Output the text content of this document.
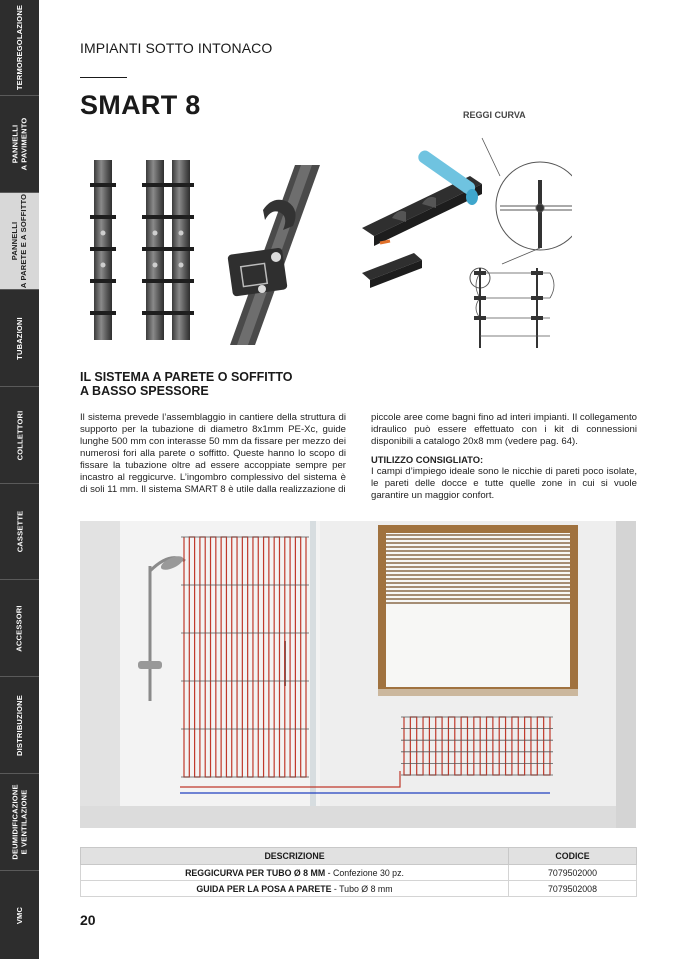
TERMOREGOLAZIONE
PANNELLI A PAVIMENTO
PANNELLI A PARETE E A SOFFITTO
TUBAZIONI
COLLETTORI
CASSETTE
ACCESSORI
DISTRIBUZIONE
DEUMIDIFICAZIONE E VENTILAZIONE
VMC
IMPIANTI SOTTO INTONACO
SMART 8	REGGI CURVA
IL SISTEMA A PARETE O SOFFITTO
A BASSO SPESSORE
Il sistema prevede l’assemblaggio in cantiere della struttura di supporto per la tubazione di diametro 8x1mm PE-Xc, guide lunghe 500 mm con interasse 50 mm da fissare per mezzo dei numerosi fori alla parete o soffitto. Queste hanno lo scopo di fissare la tubazione oltre ad essere accoppiate sempre per incastro al reggicurve. L’ingombro complessivo del sistema è di soli 11 mm. Il sistema SMART 8 è utile dalla realizzazione di

piccole aree come bagni fino ad interi impianti. Il collegamento idraulico può essere effettuato con i kit di connessioni disponibili a catalogo 20x8 mm (vedere pag. 64).

UTILIZZO CONSIGLIATO:

I campi d’impiego ideale sono le nicchie di pareti poco isolate, le pareti delle docce e tutte quelle zone in cui si vuole garantire un maggior confort.

DESCRIZIONE	CODICE
REGGICURVA PER TUBO Ø 8 MM - Confezione 30 pz.	7079502000
GUIDA PER LA POSA A PARETE - Tubo Ø 8 mm	7079502008
20
